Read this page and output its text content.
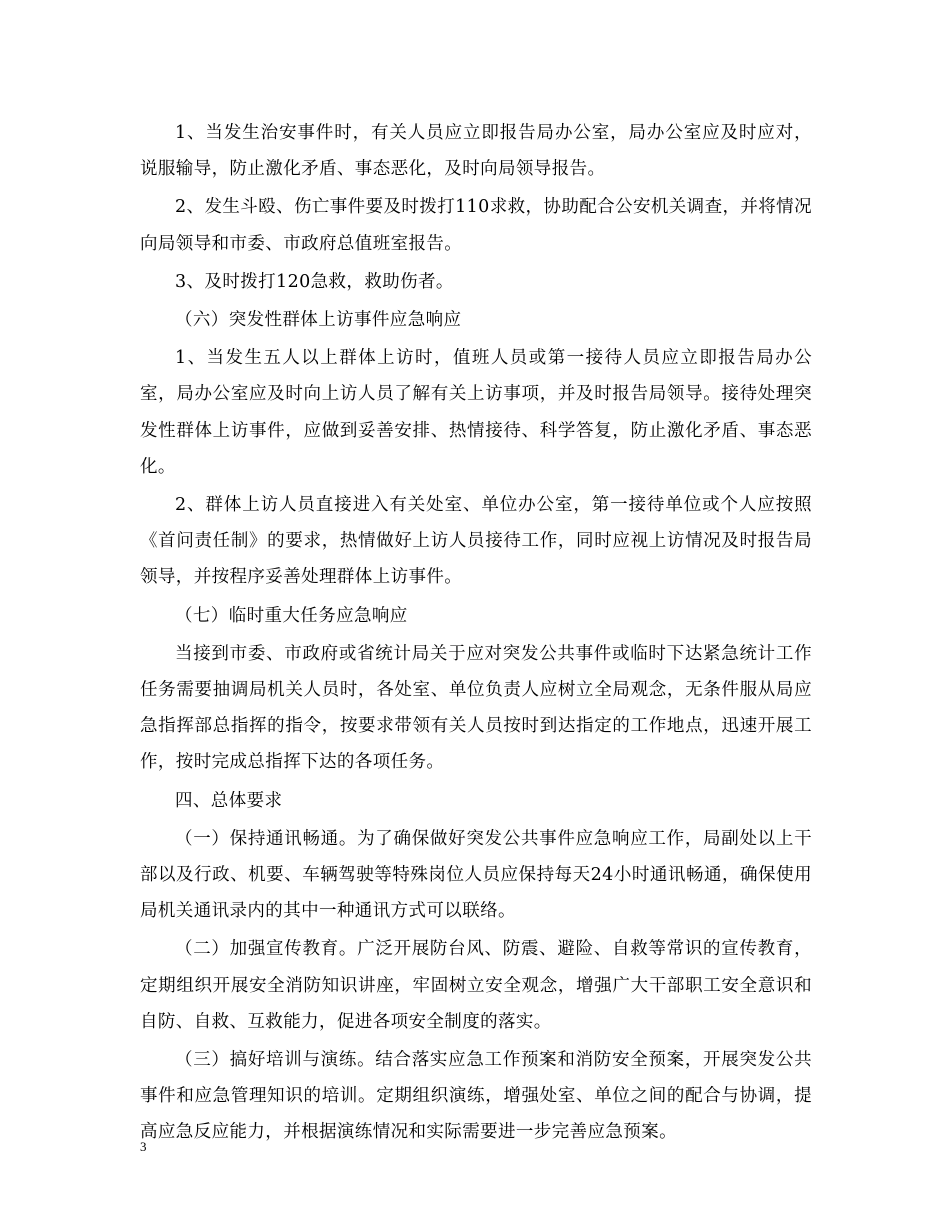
1、当发生治安事件时，有关人员应立即报告局办公室，局办公室应及时应对，说服输导，防止激化矛盾、事态恶化，及时向局领导报告。

2、发生斗殴、伤亡事件要及时拨打110求救，协助配合公安机关调查，并将情况向局领导和市委、市政府总值班室报告。

3、及时拨打120急救，救助伤者。

（六）突发性群体上访事件应急响应

1、当发生五人以上群体上访时，值班人员或第一接待人员应立即报告局办公室，局办公室应及时向上访人员了解有关上访事项，并及时报告局领导。接待处理突发性群体上访事件，应做到妥善安排、热情接待、科学答复，防止激化矛盾、事态恶化。

2、群体上访人员直接进入有关处室、单位办公室，第一接待单位或个人应按照《首问责任制》的要求，热情做好上访人员接待工作，同时应视上访情况及时报告局领导，并按程序妥善处理群体上访事件。

（七）临时重大任务应急响应

当接到市委、市政府或省统计局关于应对突发公共事件或临时下达紧急统计工作任务需要抽调局机关人员时，各处室、单位负责人应树立全局观念，无条件服从局应急指挥部总指挥的指令，按要求带领有关人员按时到达指定的工作地点，迅速开展工作，按时完成总指挥下达的各项任务。

四、总体要求

（一）保持通讯畅通。为了确保做好突发公共事件应急响应工作，局副处以上干部以及行政、机要、车辆驾驶等特殊岗位人员应保持每天24小时通讯畅通，确保使用局机关通讯录内的其中一种通讯方式可以联络。

（二）加强宣传教育。广泛开展防台风、防震、避险、自救等常识的宣传教育，定期组织开展安全消防知识讲座，牢固树立安全观念，增强广大干部职工安全意识和自防、自救、互救能力，促进各项安全制度的落实。

（三）搞好培训与演练。结合落实应急工作预案和消防安全预案，开展突发公共事件和应急管理知识的培训。定期组织演练，增强处室、单位之间的配合与协调，提高应急反应能力，并根据演练情况和实际需要进一步完善应急预案。

3
